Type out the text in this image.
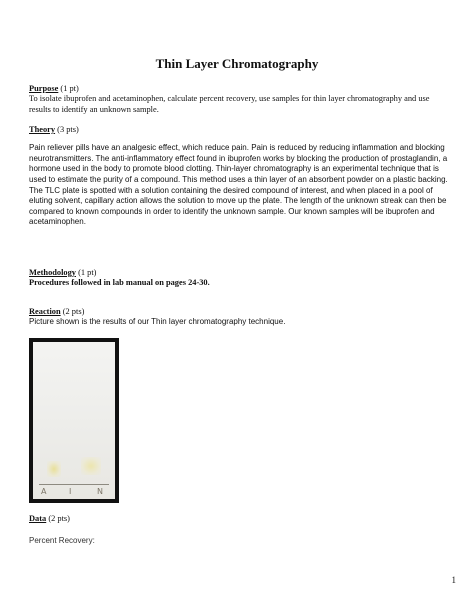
Thin Layer Chromatography
Purpose (1 pt)
To isolate ibuprofen and acetaminophen, calculate percent recovery, use samples for thin layer chromatography and use results to identify an unknown sample.
Theory (3 pts)
Pain reliever pills have an analgesic effect, which reduce pain. Pain is reduced by reducing inflammation and blocking neurotransmitters. The anti-inflammatory effect found in ibuprofen works by blocking the production of prostaglandin, a hormone used in the body to promote blood clotting. Thin-layer chromatography is an experimental technique that is used to estimate the purity of a compound. This method uses a thin layer of an absorbent powder on a plastic backing. The TLC plate is spotted with a solution containing the desired compound of interest, and when placed in a pool of eluting solvent, capillary action allows the solution to move up the plate. The length of the unknown streak can then be compared to known compounds in order to identify the unknown sample. Our known samples will be ibuprofen and acetaminophen.
Methodology (1 pt)
Procedures followed in lab manual on pages 24-30.
Reaction (2 pts)
Picture shown is the results of our Thin layer chromatography technique.
A	I	N
Data (2 pts)
Percent Recovery:
1
